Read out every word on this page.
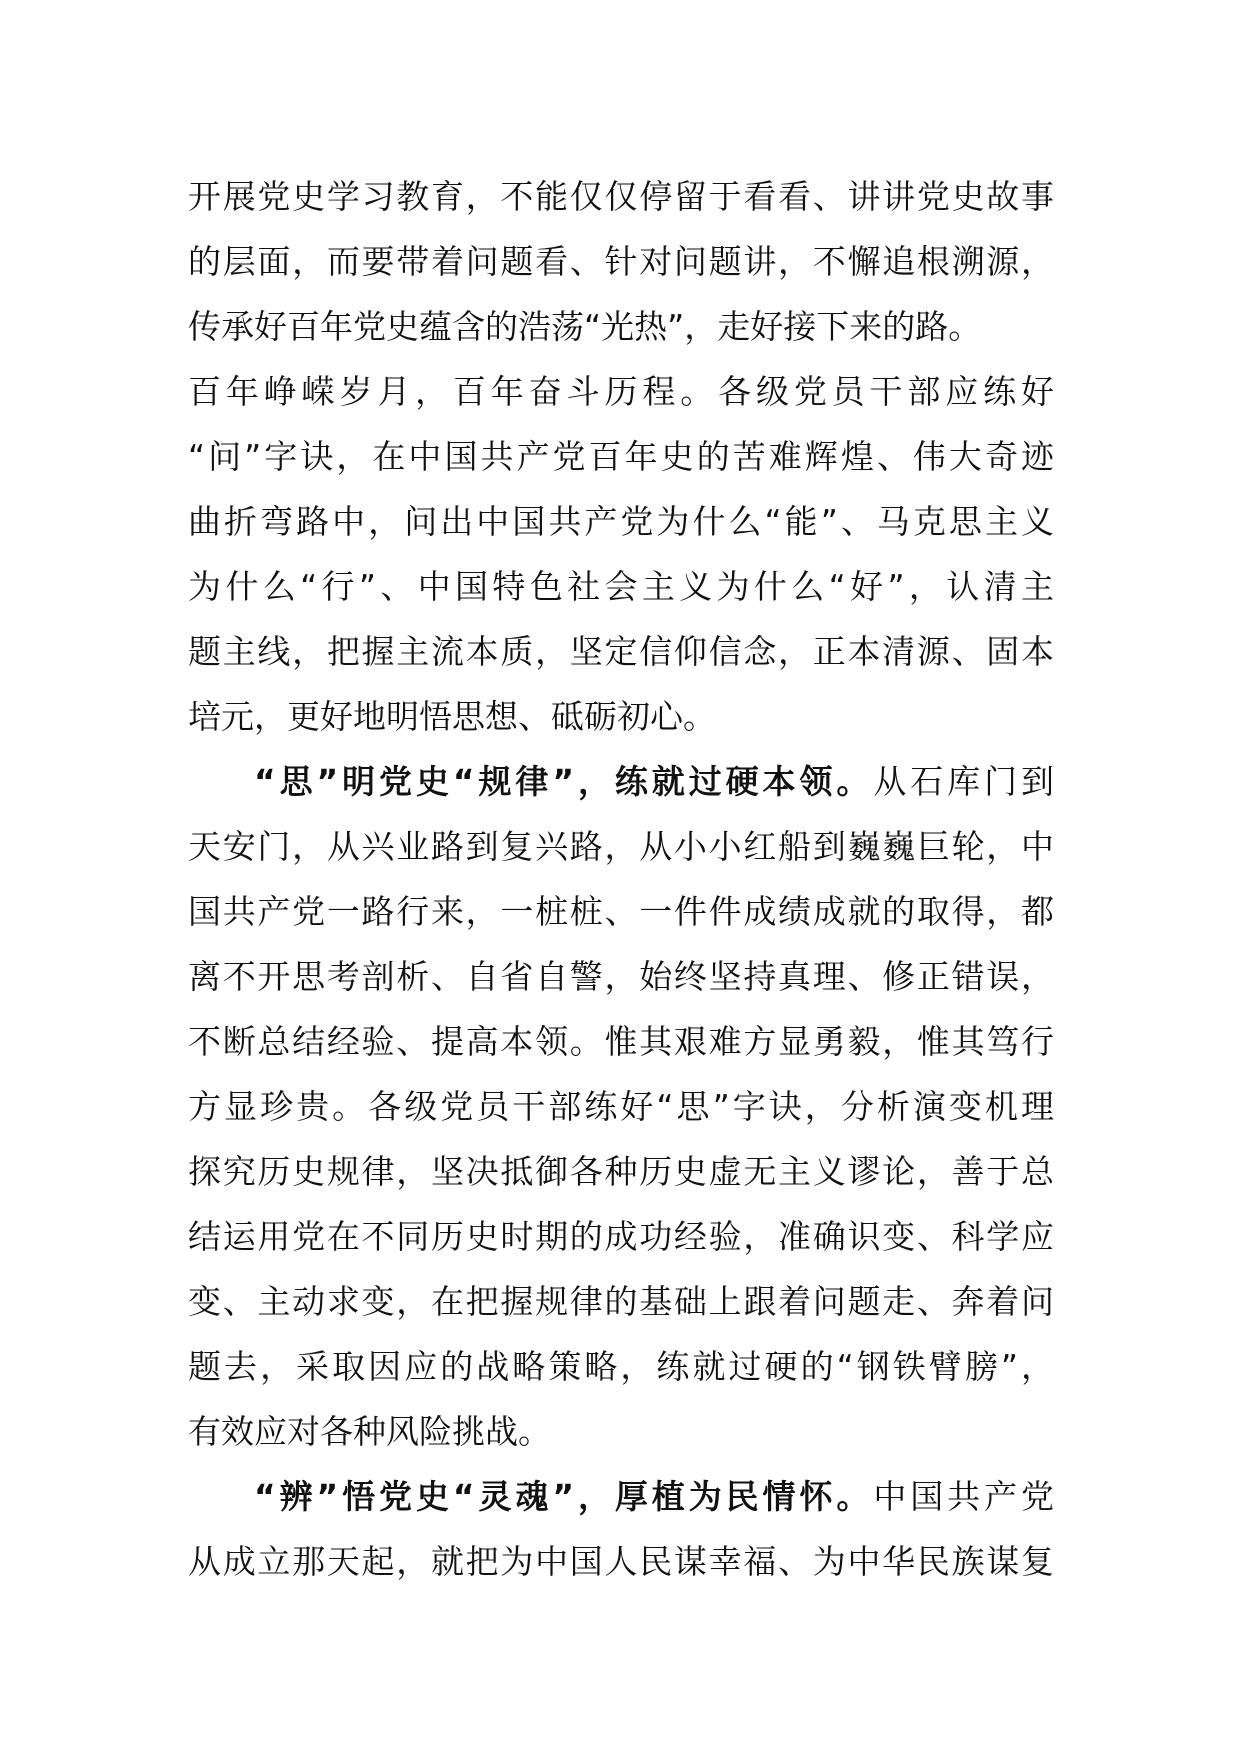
开展党史学习教育，不能仅仅停留于看看、讲讲党史故事
的层面，而要带着问题看、针对问题讲，不懈追根溯源，
传承好百年党史蕴含的浩荡“光热”，走好接下来的路。
百年峥嵘岁月，百年奋斗历程。各级党员干部应练好
“问”字诀，在中国共产党百年史的苦难辉煌、伟大奇迹
曲折弯路中，问出中国共产党为什么“能”、马克思主义
为什么“行”、中国特色社会主义为什么“好”，认清主
题主线，把握主流本质，坚定信仰信念，正本清源、固本
培元，更好地明悟思想、砥砺初心。
“思”明党史“规律”，练就过硬本领。从石库门到
天安门，从兴业路到复兴路，从小小红船到巍巍巨轮，中
国共产党一路行来，一桩桩、一件件成绩成就的取得，都
离不开思考剖析、自省自警，始终坚持真理、修正错误，
不断总结经验、提高本领。惟其艰难方显勇毅，惟其笃行
方显珍贵。各级党员干部练好“思”字诀，分析演变机理
探究历史规律，坚决抵御各种历史虚无主义谬论，善于总
结运用党在不同历史时期的成功经验，准确识变、科学应
变、主动求变，在把握规律的基础上跟着问题走、奔着问
题去，采取因应的战略策略，练就过硬的“钢铁臂膀”，
有效应对各种风险挑战。
“辨”悟党史“灵魂”，厚植为民情怀。中国共产党
从成立那天起，就把为中国人民谋幸福、为中华民族谋复
